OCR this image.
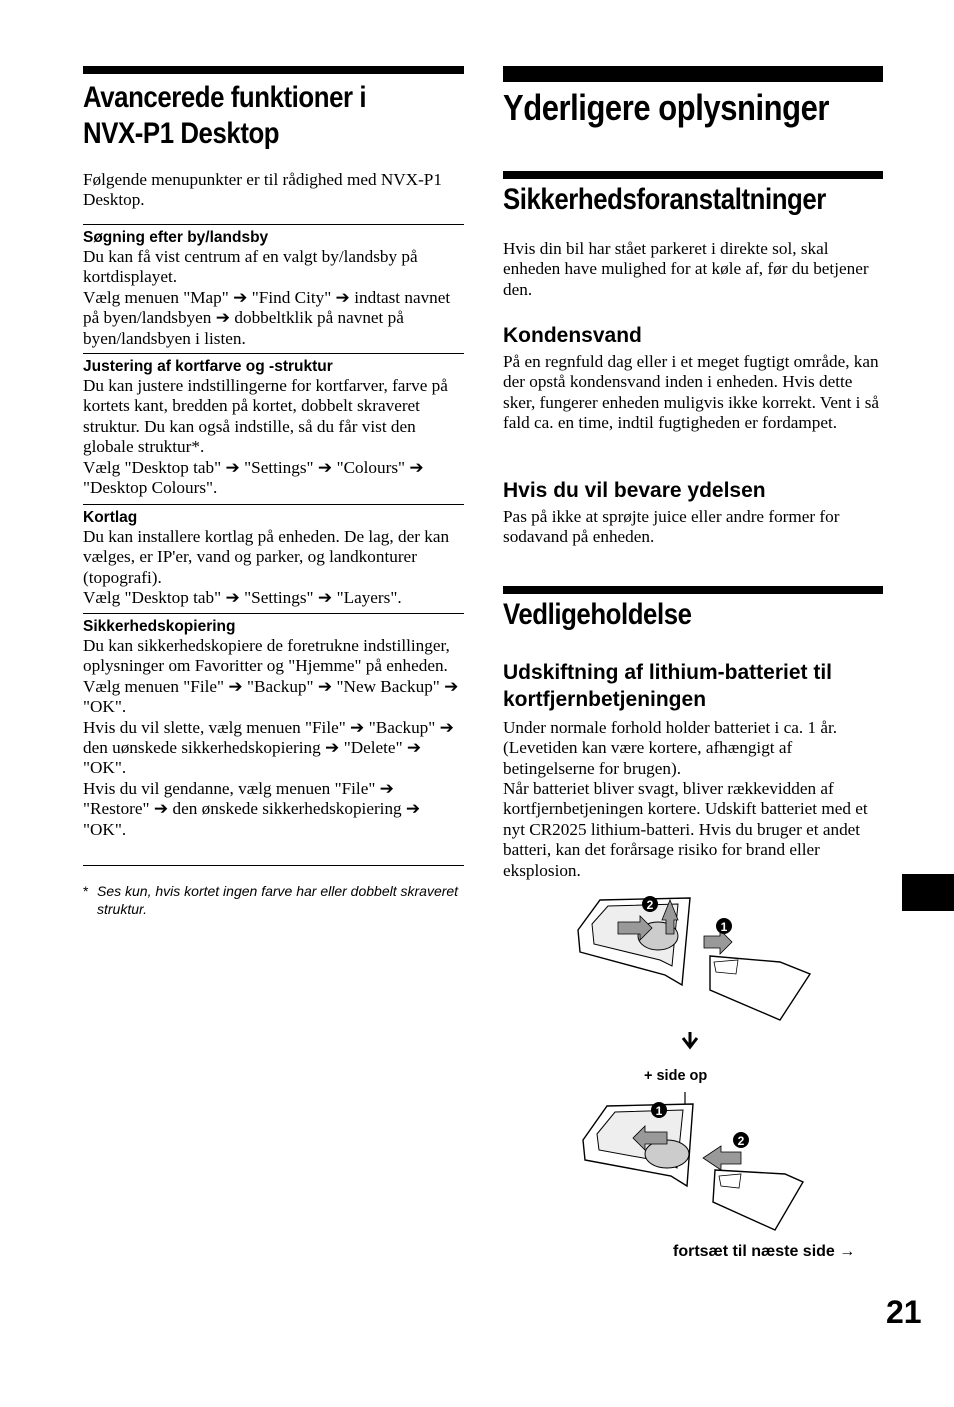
Avancerede funktioner i
NVX-P1 Desktop
Følgende menupunkter er til rådighed med NVX-P1 Desktop.
Søgning efter by/landsby
Du kan få vist centrum af en valgt by/landsby på kortdisplayet.
Vælg menuen "Map" ➔ "Find City" ➔ indtast navnet på byen/landsbyen ➔ dobbeltklik på navnet på byen/landsbyen i listen.
Justering af kortfarve og -struktur
Du kan justere indstillingerne for kortfarver, farve på kortets kant, bredden på kortet, dobbelt skraveret struktur. Du kan også indstille, så du får vist den globale struktur*.
Vælg "Desktop tab" ➔ "Settings" ➔ "Colours" ➔ "Desktop Colours".
Kortlag
Du kan installere kortlag på enheden. De lag, der kan vælges, er IP'er, vand og parker, og landkonturer (topografi).
Vælg "Desktop tab" ➔ "Settings" ➔ "Layers".
Sikkerhedskopiering
Du kan sikkerhedskopiere de foretrukne indstillinger, oplysninger om Favoritter og "Hjemme" på enheden.
Vælg menuen "File" ➔ "Backup" ➔ "New Backup" ➔ "OK".
Hvis du vil slette, vælg menuen "File" ➔ "Backup" ➔ den uønskede sikkerhedskopiering ➔ "Delete" ➔ "OK".
Hvis du vil gendanne, vælg menuen "File" ➔ "Restore" ➔ den ønskede sikkerhedskopiering ➔ "OK".
* Ses kun, hvis kortet ingen farve har eller dobbelt skraveret struktur.
Yderligere oplysninger
Sikkerhedsforanstaltninger
Hvis din bil har stået parkeret i direkte sol, skal enheden have mulighed for at køle af, før du betjener den.
Kondensvand
På en regnfuld dag eller i et meget fugtigt område, kan der opstå kondensvand inden i enheden. Hvis dette sker, fungerer enheden muligvis ikke korrekt. Vent i så fald ca. en time, indtil fugtigheden er fordampet.
Hvis du vil bevare ydelsen
Pas på ikke at sprøjte juice eller andre former for sodavand på enheden.
Vedligeholdelse
Udskiftning af lithium-batteriet til kortfjernbetjeningen
Under normale forhold holder batteriet i ca. 1 år. (Levetiden kan være kortere, afhængigt af betingelserne for brugen).
Når batteriet bliver svagt, bliver rækkevidden af kortfjernbetjeningen kortere. Udskift batteriet med et nyt CR2025 lithium-batteri. Hvis du bruger et andet batteri, kan det forårsage risiko for brand eller eksplosion.
2
1
+ side op
1
2
fortsæt til næste side →
21
